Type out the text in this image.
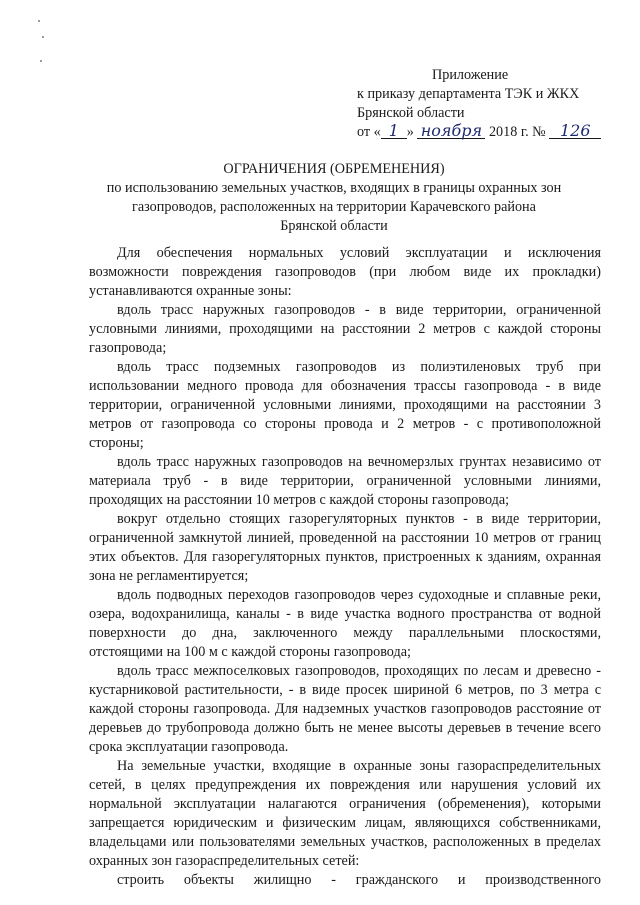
Приложение
к приказу департамента ТЭК и ЖКХ
Брянской области
от « 1 » ноября 2018 г. № 126
ОГРАНИЧЕНИЯ (ОБРЕМЕНЕНИЯ)
по использованию земельных участков, входящих в границы охранных зон
газопроводов, расположенных на территории Карачевского района
Брянской области

Для обеспечения нормальных условий эксплуатации и исключения возможности повреждения газопроводов (при любом виде их прокладки) устанавливаются охранные зоны:

вдоль трасс наружных газопроводов - в виде территории, ограниченной условными линиями, проходящими на расстоянии 2 метров с каждой стороны газопровода;

вдоль трасс подземных газопроводов из полиэтиленовых труб при использовании медного провода для обозначения трассы газопровода - в виде территории, ограниченной условными линиями, проходящими на расстоянии 3 метров от газопровода со стороны провода и 2 метров - с противоположной стороны;

вдоль трасс наружных газопроводов на вечномерзлых грунтах независимо от материала труб - в виде территории, ограниченной условными линиями, проходящих на расстоянии 10 метров с каждой стороны газопровода;

вокруг отдельно стоящих газорегуляторных пунктов - в виде территории, ограниченной замкнутой линией, проведенной на расстоянии 10 метров от границ этих объектов. Для газорегуляторных пунктов, пристроенных к зданиям, охранная зона не регламентируется;

вдоль подводных переходов газопроводов через судоходные и сплавные реки, озера, водохранилища, каналы - в виде участка водного пространства от водной поверхности до дна, заключенного между параллельными плоскостями, отстоящими на 100 м с каждой стороны газопровода;

вдоль трасс межпоселковых газопроводов, проходящих по лесам и древесно - кустарниковой растительности, - в виде просек шириной 6 метров, по 3 метра с каждой стороны газопровода. Для надземных участков газопроводов расстояние от деревьев до трубопровода должно быть не менее высоты деревьев в течение всего срока эксплуатации газопровода.

На земельные участки, входящие в охранные зоны газораспределительных сетей, в целях предупреждения их повреждения или нарушения условий их нормальной эксплуатации налагаются ограничения (обременения), которыми запрещается юридическим и физическим лицам, являющихся собственниками, владельцами или пользователями земельных участков, расположенных в пределах охранных зон газораспределительных сетей:

строить объекты жилищно - гражданского и производственного
